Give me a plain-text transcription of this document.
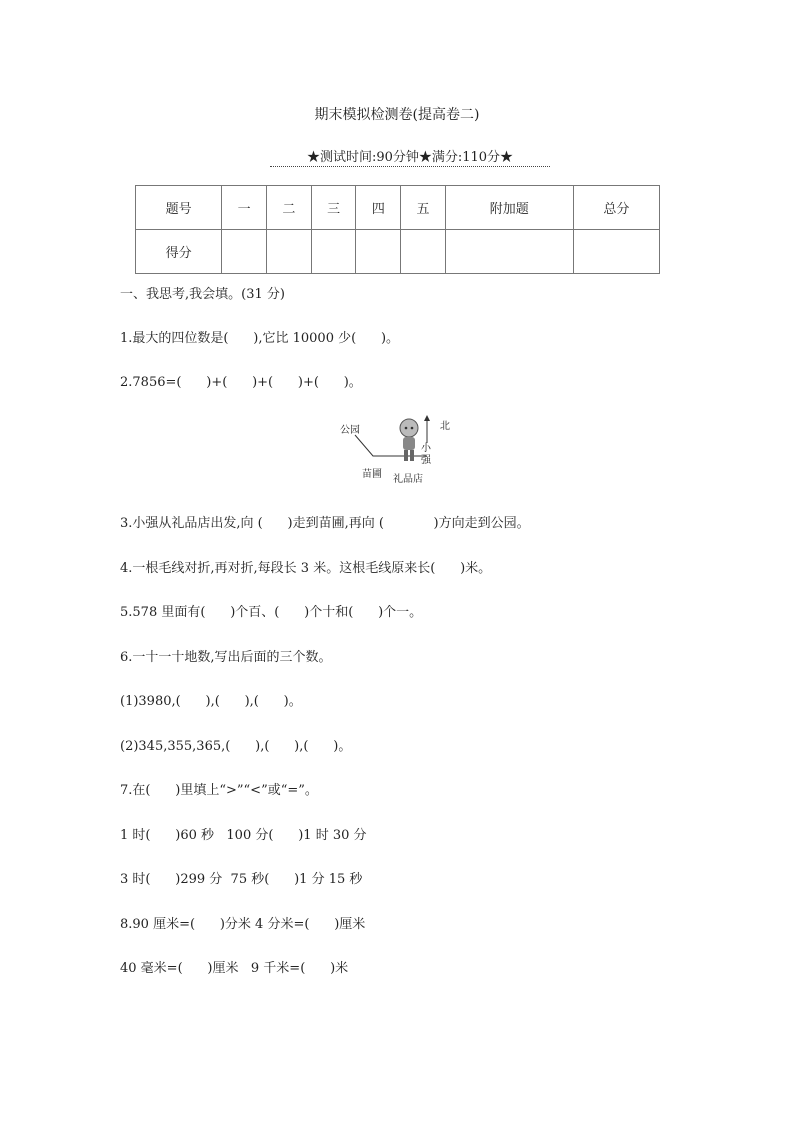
期末模拟检测卷(提高卷二)
★测试时间:90分钟★满分:110分★
题号	一	二	三	四	五	附加题	总分
得分							
一、我思考,我会填。(31 分)
1.最大的四位数是(      ),它比 10000 少(      )。
2.7856=(      )+(      )+(      )+(      )。
公园
苗圃 礼品店
北
小
强
3.小强从礼品店出发,向 (      )走到苗圃,再向 (            )方向走到公园。
4.一根毛线对折,再对折,每段长 3 米。这根毛线原来长(      )米。
5.578 里面有(      )个百、(      )个十和(      )个一。
6.一十一十地数,写出后面的三个数。
(1)3980,(      ),(      ),(      )。
(2)345,355,365,(      ),(      ),(      )。
7.在(      )里填上“>”“<”或“=”。
1 时(      )60 秒   100 分(      )1 时 30 分
3 时(      )299 分  75 秒(      )1 分 15 秒
8.90 厘米=(      )分米 4 分米=(      )厘米
40 毫米=(      )厘米   9 千米=(      )米
